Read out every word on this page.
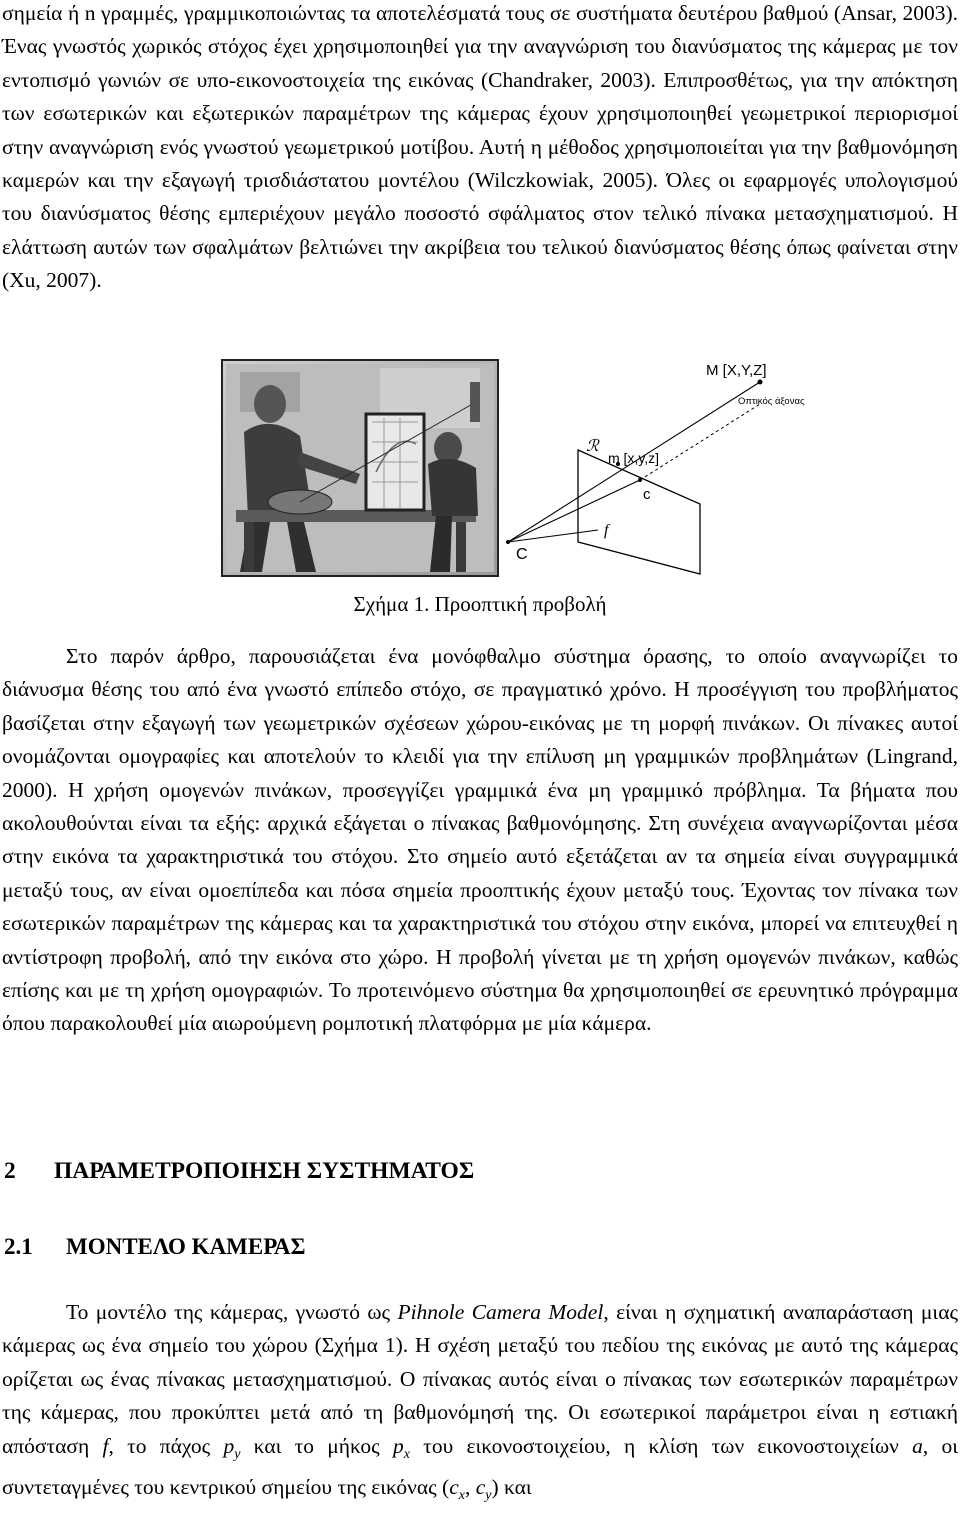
σημεία ή n γραμμές, γραμμικοποιώντας τα αποτελέσματά τους σε συστήματα δευτέρου βαθμού (Ansar, 2003). Ένας γνωστός χωρικός στόχος έχει χρησιμοποιηθεί για την αναγνώριση του διανύσματος της κάμερας με τον εντοπισμό γωνιών σε υπο-εικονοστοιχεία της εικόνας (Chandraker, 2003). Επιπροσθέτως, για την απόκτηση των εσωτερικών και εξωτερικών παραμέτρων της κάμερας έχουν χρησιμοποιηθεί γεωμετρικοί περιορισμοί στην αναγνώριση ενός γνωστού γεωμετρικού μοτίβου. Αυτή η μέθοδος χρησιμοποιείται για την βαθμονόμηση καμερών και την εξαγωγή τρισδιάστατου μοντέλου (Wilczkowiak, 2005). Όλες οι εφαρμογές υπολογισμού του διανύσματος θέσης εμπεριέχουν μεγάλο ποσοστό σφάλματος στον τελικό πίνακα μετασχηματισμού. Η ελάττωση αυτών των σφαλμάτων βελτιώνει την ακρίβεια του τελικού διανύσματος θέσης όπως φαίνεται στην (Xu, 2007).

M [X,Y,Z]
Οπτικός άξονας
ℛ
m [x,y,z]
c
f
C
Σχήμα 1. Προοπτική προβολή

Στο παρόν άρθρο, παρουσιάζεται ένα μονόφθαλμο σύστημα όρασης, το οποίο αναγνωρίζει το διάνυσμα θέσης του από ένα γνωστό επίπεδο στόχο, σε πραγματικό χρόνο. Η προσέγγιση του προβλήματος βασίζεται στην εξαγωγή των γεωμετρικών σχέσεων χώρου-εικόνας με τη μορφή πινάκων. Οι πίνακες αυτοί ονομάζονται ομογραφίες και αποτελούν το κλειδί για την επίλυση μη γραμμικών προβλημάτων (Lingrand, 2000). Η χρήση ομογενών πινάκων, προσεγγίζει γραμμικά ένα μη γραμμικό πρόβλημα. Τα βήματα που ακολουθούνται είναι τα εξής: αρχικά εξάγεται ο πίνακας βαθμονόμησης. Στη συνέχεια αναγνωρίζονται μέσα στην εικόνα τα χαρακτηριστικά του στόχου. Στο σημείο αυτό εξετάζεται αν τα σημεία είναι συγγραμμικά μεταξύ τους, αν είναι ομοεπίπεδα και πόσα σημεία προοπτικής έχουν μεταξύ τους. Έχοντας τον πίνακα των εσωτερικών παραμέτρων της κάμερας και τα χαρακτηριστικά του στόχου στην εικόνα, μπορεί να επιτευχθεί η αντίστροφη προβολή, από την εικόνα στο χώρο. Η προβολή γίνεται με τη χρήση ομογενών πινάκων, καθώς επίσης και με τη χρήση ομογραφιών. Το προτεινόμενο σύστημα θα χρησιμοποιηθεί σε ερευνητικό πρόγραμμα όπου παρακολουθεί μία αιωρούμενη ρομποτική πλατφόρμα με μία κάμερα.

2 ΠΑΡΑΜΕΤΡΟΠΟΙΗΣΗ ΣΥΣΤΗΜΑΤΟΣ
2.1 ΜΟΝΤΕΛΟ ΚΑΜΕΡΑΣ

Το μοντέλο της κάμερας, γνωστό ως Pihnole Camera Model, είναι η σχηματική αναπαράσταση μιας κάμερας ως ένα σημείο του χώρου (Σχήμα 1). Η σχέση μεταξύ του πεδίου της εικόνας με αυτό της κάμερας ορίζεται ως ένας πίνακας μετασχηματισμού. Ο πίνακας αυτός είναι ο πίνακας των εσωτερικών παραμέτρων της κάμερας, που προκύπτει μετά από τη βαθμονόμησή της. Οι εσωτερικοί παράμετροι είναι η εστιακή απόσταση f, το πάχος $p_y$ και το μήκος $p_x$ του εικονοστοιχείου, η κλίση των εικονοστοιχείων a, οι συντεταγμένες του κεντρικού σημείου της εικόνας ($c_x$, $c_y$) και
